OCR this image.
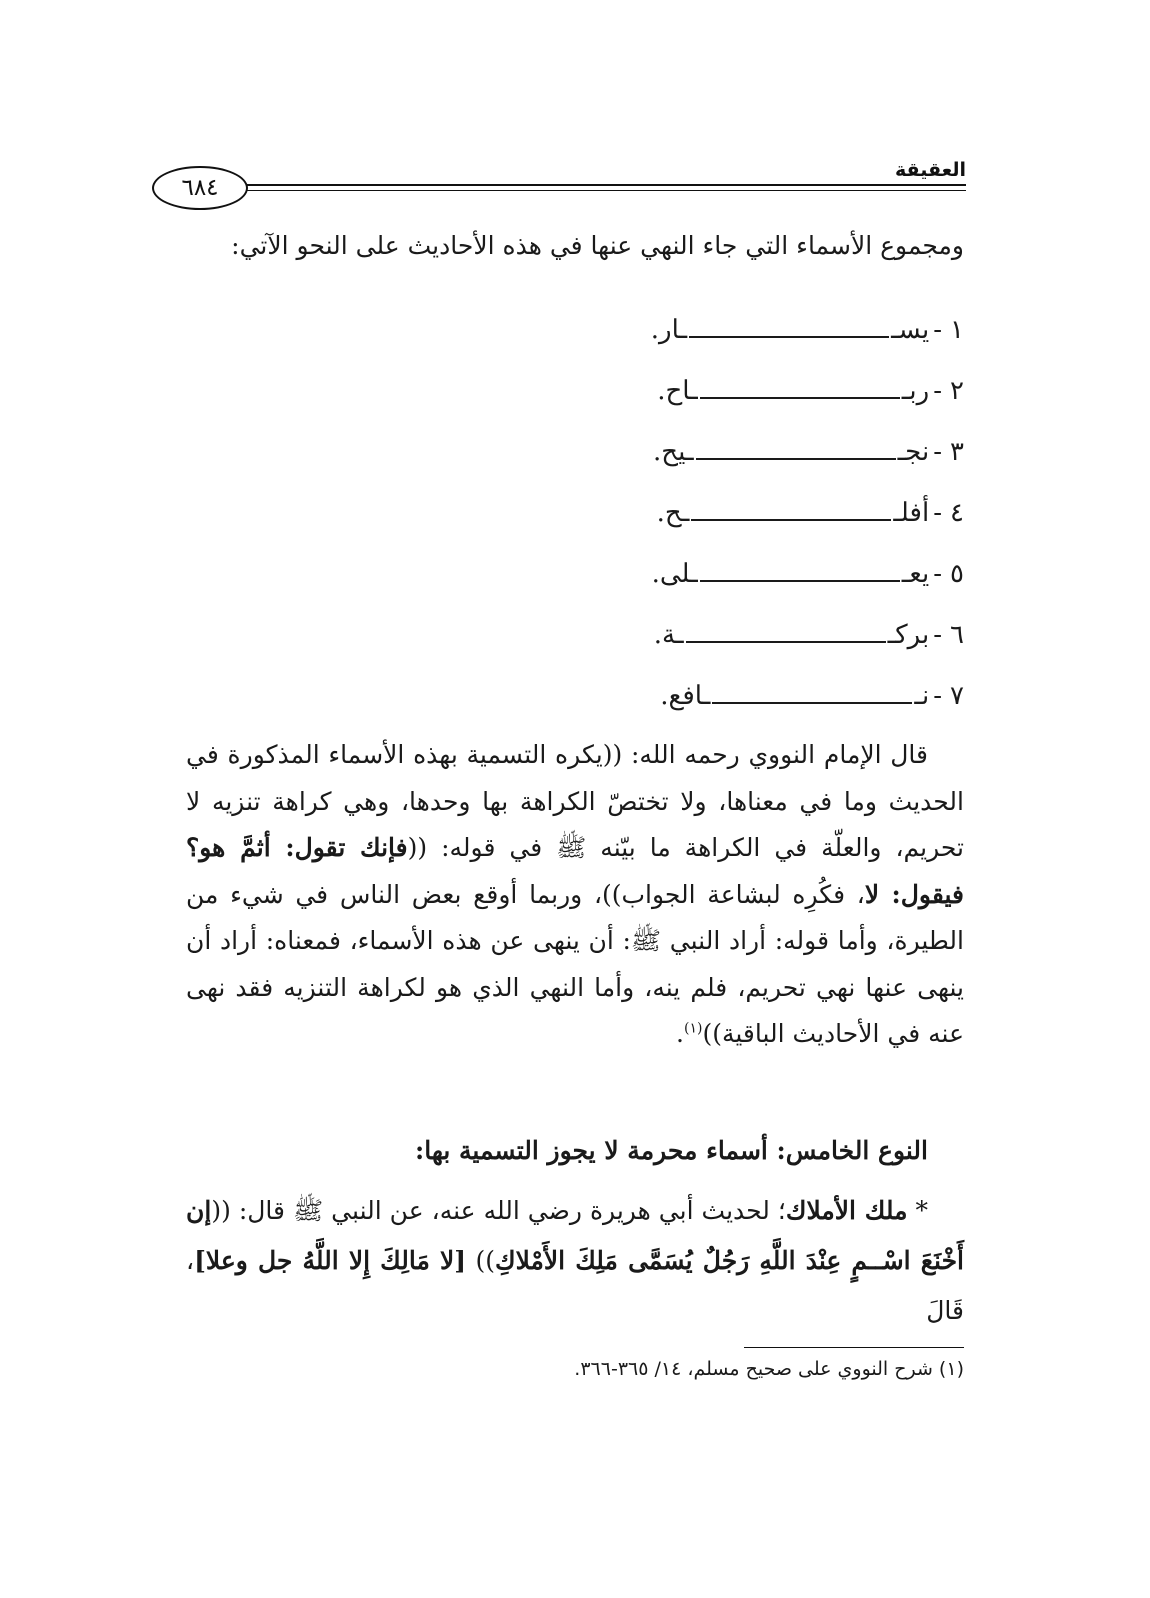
العقيقة
٦٨٤
ومجموع الأسماء التي جاء النهي عنها في هذه الأحاديث على النحو الآتي:
١
-
يسـ
ـار.
٢
-
ربـ
ـاح.
٣
-
نجـ
ـيح.
٤
-
أفلـ
ـح.
٥
-
يعـ
ـلى.
٦
-
بركـ
ـة.
٧
-
نـ
ـافع.
قال الإمام النووي رحمه الله: ((يكره التسمية بهذه الأسماء المذكورة في الحديث وما في معناها، ولا تختصّ الكراهة بها وحدها، وهي كراهة تنزيه لا تحريم، والعلّة في الكراهة ما بيّنه ﷺ في قوله: ((فإنك تقول: أثمَّ هو؟ فيقول: لا، فكُرِه لبشاعة الجواب))، وربما أوقع بعض الناس في شيء من الطيرة، وأما قوله: أراد النبي ﷺ: أن ينهى عن هذه الأسماء، فمعناه: أراد أن ينهى عنها نهي تحريم، فلم ينه، وأما النهي الذي هو لكراهة التنزيه فقد نهى عنه في الأحاديث الباقية))$^{(١)}$.
النوع الخامس: أسماء محرمة لا يجوز التسمية بها:
* ملك الأملاك؛ لحديث أبي هريرة رضي الله عنه، عن النبي ﷺ قال: ((إن أَخْنَعَ اسْــمٍ عِنْدَ اللَّهِ رَجُلٌ يُسَمَّى مَلِكَ الأَمْلاكِ)) [لا مَالِكَ إِلا اللَّهُ جل وعلا]، قَالَ
(١) شرح النووي على صحيح مسلم، ١٤/ ٣٦٥-٣٦٦.
